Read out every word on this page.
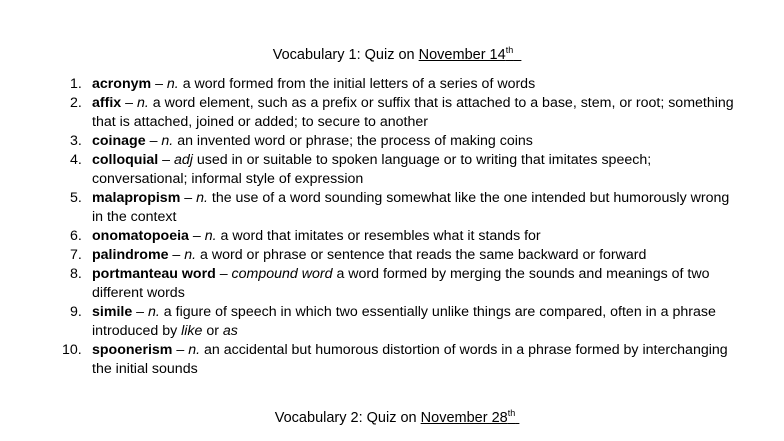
Vocabulary 1: Quiz on November 14th
1. acronym – n. a word formed from the initial letters of a series of words
2. affix – n. a word element, such as a prefix or suffix that is attached to a base, stem, or root; something that is attached, joined or added; to secure to another
3. coinage – n. an invented word or phrase; the process of making coins
4. colloquial – adj used in or suitable to spoken language or to writing that imitates speech; conversational; informal style of expression
5. malapropism – n. the use of a word sounding somewhat like the one intended but humorously wrong in the context
6. onomatopoeia – n. a word that imitates or resembles what it stands for
7. palindrome – n. a word or phrase or sentence that reads the same backward or forward
8. portmanteau word – compound word a word formed by merging the sounds and meanings of two different words
9. simile – n. a figure of speech in which two essentially unlike things are compared, often in a phrase introduced by like or as
10. spoonerism – n. an accidental but humorous distortion of words in a phrase formed by interchanging the initial sounds
Vocabulary 2: Quiz on November 28th
